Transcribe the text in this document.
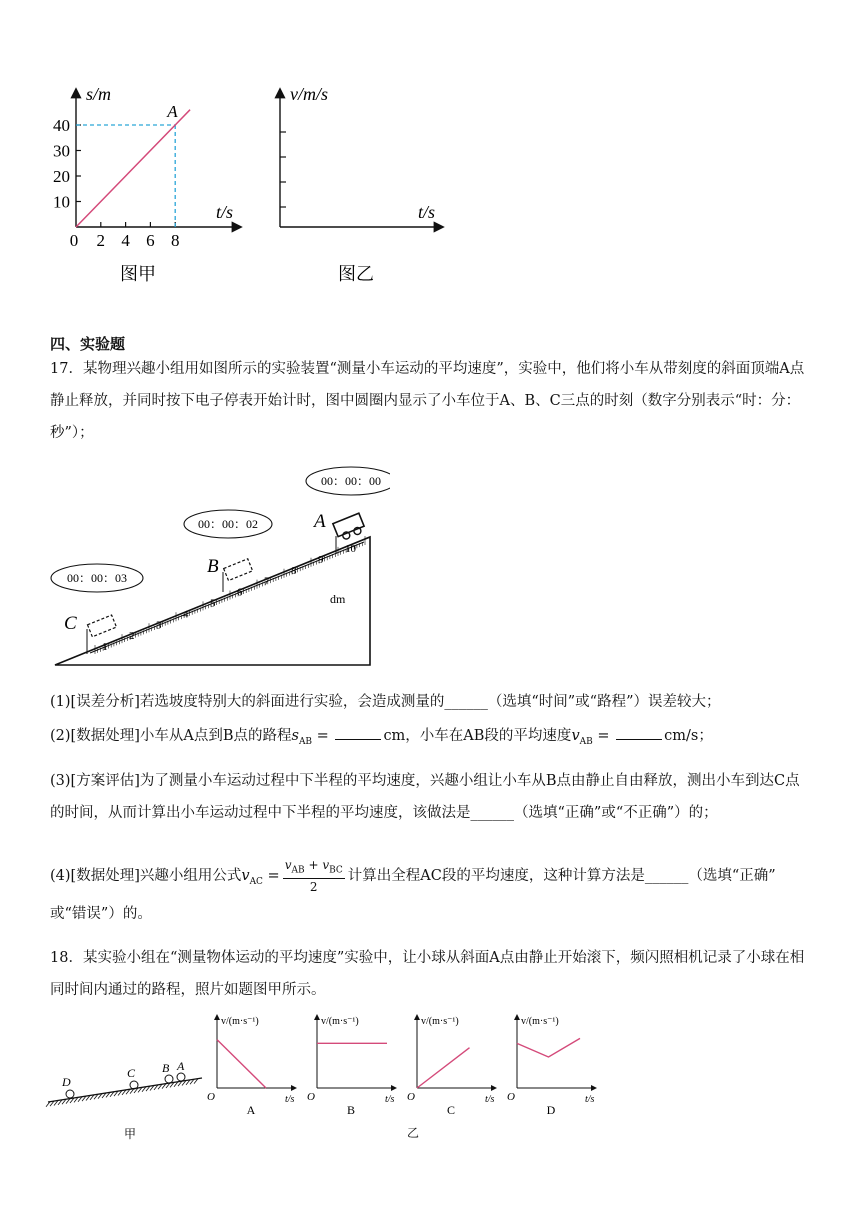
40
30
20
10
0 2 4 6 8
A
s/m
t/s
图甲
v/m/s
t/s
图乙
四、实验题
17．某物理兴趣小组用如图所示的实验装置“测量小车运动的平均速度”，实验中，他们将小车从带刻度的斜面顶端A点静止释放，并同时按下电子停表开始计时，图中圆圈内显示了小车位于A、B、C三点的时刻（数字分别表示“时：分：秒”）；
1
2
3
4
5
6
7
8
9
10
dm
00：00：00
00：00：02
00：00：03
A
B
C
(1)[误差分析]若选坡度特别大的斜面进行实验，会造成测量的______（选填“时间”或“路程”）误差较大；
(2)[数据处理]小车从A点到B点的路程$s_{AB}$ =	cm，小车在AB段的平均速度$v_{AB}$ =	cm/s；
(3)[方案评估]为了测量小车运动过程中下半程的平均速度，兴趣小组让小车从B点由静止自由释放，测出小车到达C点的时间，从而计算出小车运动过程中下半程的平均速度，该做法是______（选填“正确”或“不正确”）的；
(4)[数据处理]兴趣小组用公式$v_{AC} = \frac{v_{AB} + v_{BC}}{2}$ 计算出全程AC段的平均速度，这种计算方法是______（选填“正确”
或“错误”）的。
18．某实验小组在“测量物体运动的平均速度”实验中，让小球从斜面A点由静止开始滚下，频闪照相机记录了小球在相同时间内通过的路程，照片如题图甲所示。
D
C B A
甲
v/(m·s⁻¹)
t/s
O
A
v/(m·s⁻¹)
t/s
O
B
v/(m·s⁻¹)
t/s
O
C
v/(m·s⁻¹)
t/s
O
D
乙
